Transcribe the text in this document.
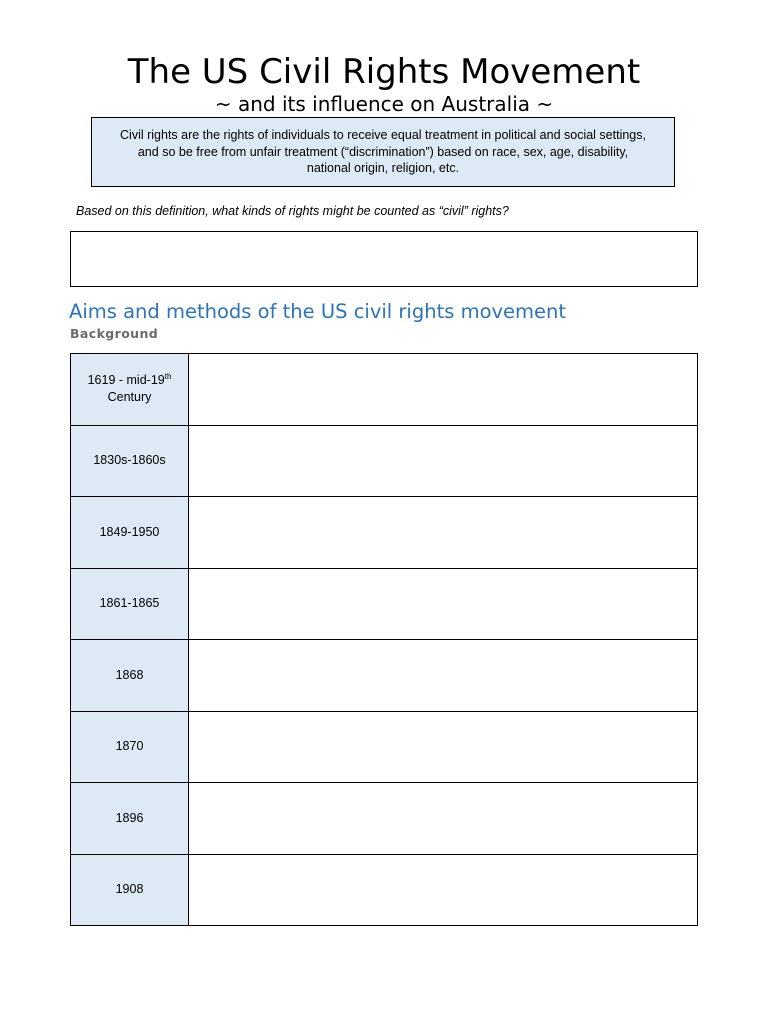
The US Civil Rights Movement
~ and its influence on Australia ~
Civil rights are the rights of individuals to receive equal treatment in political and social settings, and so be free from unfair treatment (“discrimination”) based on race, sex, age, disability, national origin, religion, etc.
Based on this definition, what kinds of rights might be counted as “civil” rights?
Aims and methods of the US civil rights movement
Background
1619 - mid-19th
Century	
1830s-1860s	
1849-1950	
1861-1865	
1868	
1870	
1896	
1908	
